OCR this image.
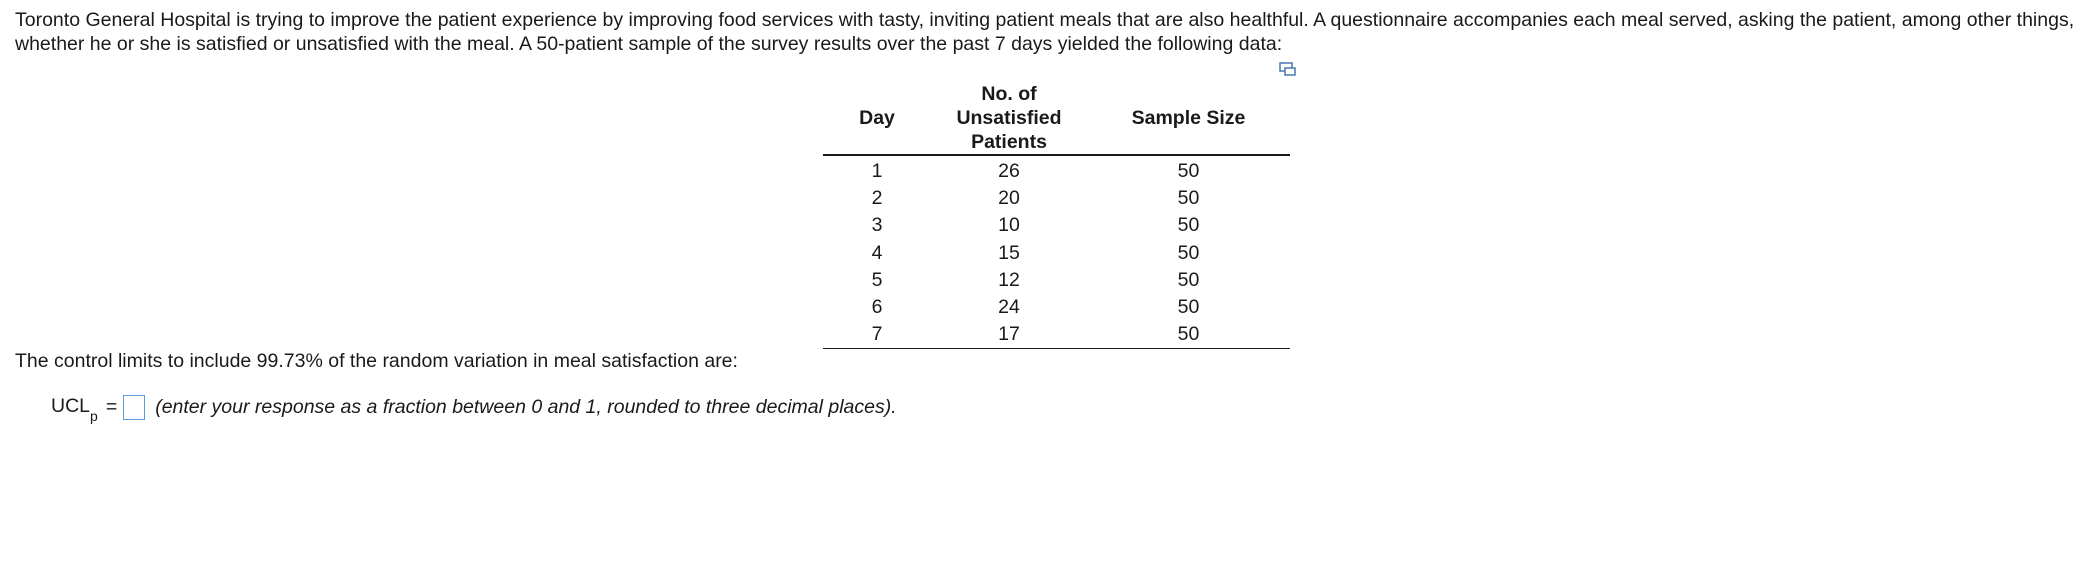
Toronto General Hospital is trying to improve the patient experience by improving food services with tasty, inviting patient meals that are also healthful. A questionnaire accompanies each meal served, asking the patient, among other things, whether he or she is satisfied or unsatisfied with the meal. A 50-patient sample of the survey results over the past 7 days yielded the following data:

Day	No. of Unsatisfied Patients	Sample Size
1	26	50
2	20	50
3	10	50
4	15	50
5	12	50
6	24	50
7	17	50

The control limits to include 99.73% of the random variation in meal satisfaction are:

$UCL_p$ = (enter your response as a fraction between 0 and 1, rounded to three decimal places).
